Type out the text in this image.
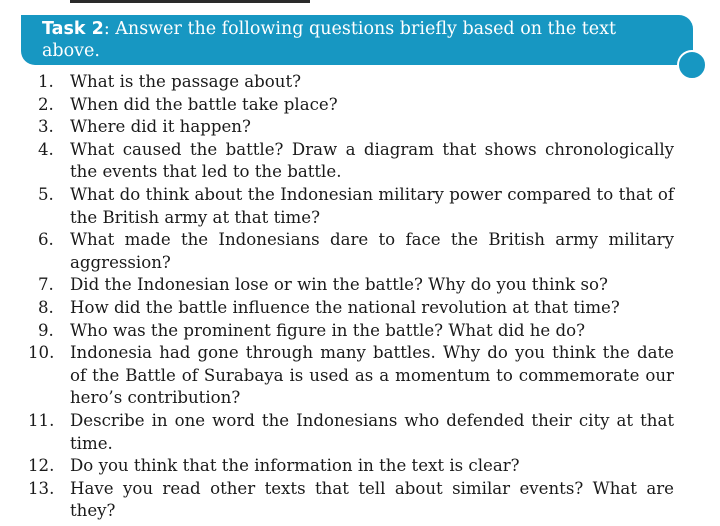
Task 2: Answer the following questions briefly based on the text above.
1. What is the passage about?
2. When did the battle take place?
3. Where did it happen?
4. What caused the battle? Draw a diagram that shows chronologically the events that led to the battle.
5. What do think about the Indonesian military power compared to that of the British army at that time?
6. What made the Indonesians dare to face the British army military aggression?
7. Did the Indonesian lose or win the battle? Why do you think so?
8. How did the battle influence the national revolution at that time?
9. Who was the prominent figure in the battle? What did he do?
10. Indonesia had gone through many battles. Why do you think the date of the Battle of Surabaya is used as a momentum to commemorate our hero’s contribution?
11. Describe in one word the Indonesians who defended their city at that time.
12. Do you think that the information in the text is clear?
13. Have you read other texts that tell about similar events? What are they?
